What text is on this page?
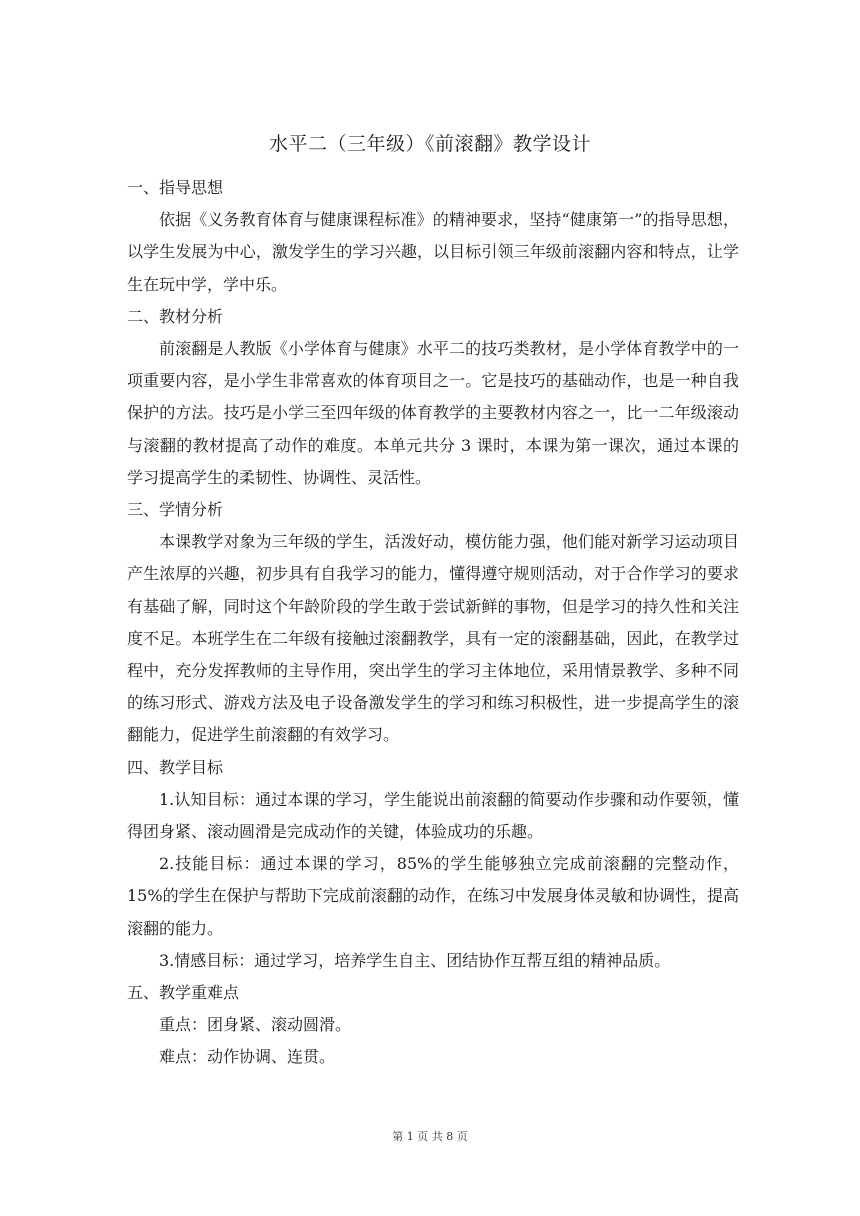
水平二（三年级）《前滚翻》教学设计

一、指导思想

依据《义务教育体育与健康课程标准》的精神要求，坚持“健康第一”的指导思想，以学生发展为中心，激发学生的学习兴趣，以目标引领三年级前滚翻内容和特点，让学生在玩中学，学中乐。

二、教材分析

前滚翻是人教版《小学体育与健康》水平二的技巧类教材，是小学体育教学中的一项重要内容，是小学生非常喜欢的体育项目之一。它是技巧的基础动作，也是一种自我保护的方法。技巧是小学三至四年级的体育教学的主要教材内容之一，比一二年级滚动与滚翻的教材提高了动作的难度。本单元共分 3 课时，本课为第一课次，通过本课的学习提高学生的柔韧性、协调性、灵活性。

三、学情分析

本课教学对象为三年级的学生，活泼好动，模仿能力强，他们能对新学习运动项目产生浓厚的兴趣，初步具有自我学习的能力，懂得遵守规则活动，对于合作学习的要求有基础了解，同时这个年龄阶段的学生敢于尝试新鲜的事物，但是学习的持久性和关注度不足。本班学生在二年级有接触过滚翻教学，具有一定的滚翻基础，因此，在教学过程中，充分发挥教师的主导作用，突出学生的学习主体地位，采用情景教学、多种不同的练习形式、游戏方法及电子设备激发学生的学习和练习积极性，进一步提高学生的滚翻能力，促进学生前滚翻的有效学习。

四、教学目标

1.认知目标：通过本课的学习，学生能说出前滚翻的简要动作步骤和动作要领，懂得团身紧、滚动圆滑是完成动作的关键，体验成功的乐趣。

2.技能目标：通过本课的学习，85%的学生能够独立完成前滚翻的完整动作，15%的学生在保护与帮助下完成前滚翻的动作，在练习中发展身体灵敏和协调性，提高滚翻的能力。

3.情感目标：通过学习，培养学生自主、团结协作互帮互组的精神品质。

五、教学重难点

重点：团身紧、滚动圆滑。

难点：动作协调、连贯。

第 1 页 共 8 页
